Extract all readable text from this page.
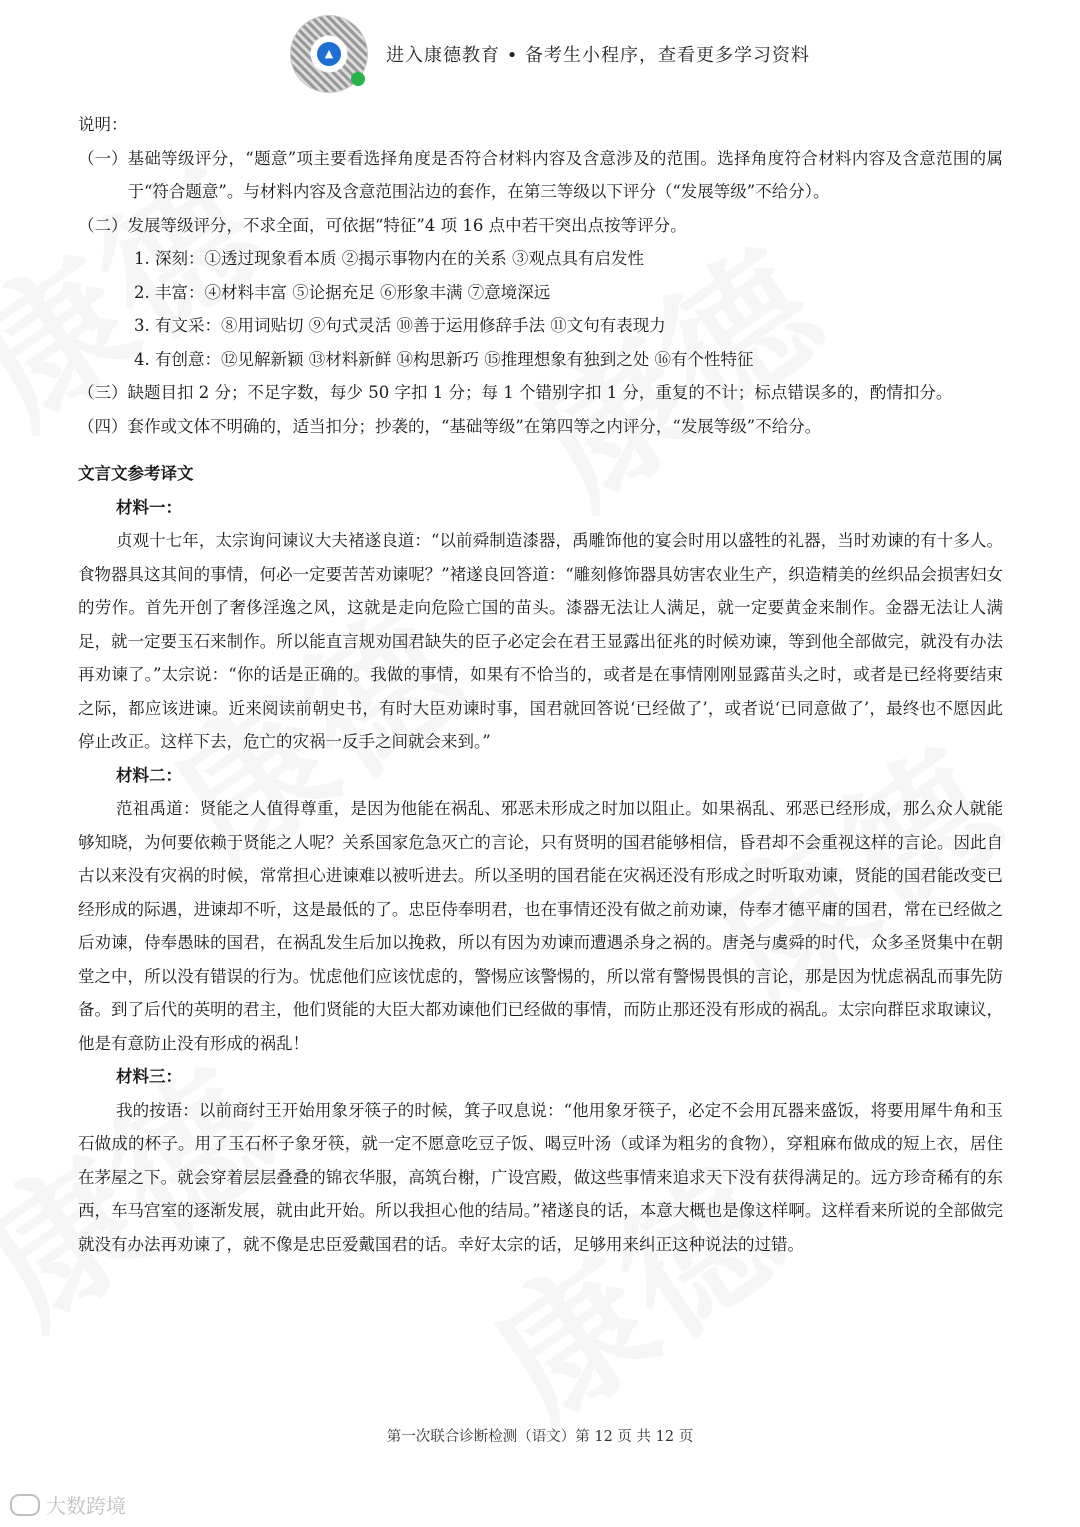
▲	进入康德教育 • 备考生小程序，查看更多学习资料

说明：

（一） 基础等级评分，“题意”项主要看选择角度是否符合材料内容及含意涉及的范围。选择角度符合材料内容及含意范围的属于“符合题意”。与材料内容及含意范围沾边的套作，在第三等级以下评分（“发展等级”不给分）。
（二） 发展等级评分，不求全面，可依据“特征”4 项 16 点中若干突出点按等评分。

1. 深刻：①透过现象看本质 ②揭示事物内在的关系 ③观点具有启发性

2. 丰富：④材料丰富 ⑤论据充足 ⑥形象丰满 ⑦意境深远

3. 有文采：⑧用词贴切 ⑨句式灵活 ⑩善于运用修辞手法 ⑪文句有表现力

4. 有创意：⑫见解新颖 ⑬材料新鲜 ⑭构思新巧 ⑮推理想象有独到之处 ⑯有个性特征

（三） 缺题目扣 2 分；不足字数，每少 50 字扣 1 分；每 1 个错别字扣 1 分，重复的不计；标点错误多的，酌情扣分。
（四） 套作或文体不明确的，适当扣分；抄袭的，“基础等级”在第四等之内评分，“发展等级”不给分。
文言文参考译文

材料一：

贞观十七年，太宗询问谏议大夫褚遂良道：“以前舜制造漆器，禹雕饰他的宴会时用以盛牲的礼器，当时劝谏的有十多人。食物器具这其间的事情，何必一定要苦苦劝谏呢？”褚遂良回答道：“雕刻修饰器具妨害农业生产，织造精美的丝织品会损害妇女的劳作。首先开创了奢侈淫逸之风，这就是走向危险亡国的苗头。漆器无法让人满足，就一定要黄金来制作。金器无法让人满足，就一定要玉石来制作。所以能直言规劝国君缺失的臣子必定会在君王显露出征兆的时候劝谏，等到他全部做完，就没有办法再劝谏了。”太宗说：“你的话是正确的。我做的事情，如果有不恰当的，或者是在事情刚刚显露苗头之时，或者是已经将要结束之际，都应该进谏。近来阅读前朝史书，有时大臣劝谏时事，国君就回答说‘已经做了’，或者说‘已同意做了’，最终也不愿因此停止改正。这样下去，危亡的灾祸一反手之间就会来到。”

材料二：

范祖禹道：贤能之人值得尊重，是因为他能在祸乱、邪恶未形成之时加以阻止。如果祸乱、邪恶已经形成，那么众人就能够知晓，为何要依赖于贤能之人呢？关系国家危急灭亡的言论，只有贤明的国君能够相信，昏君却不会重视这样的言论。因此自古以来没有灾祸的时候，常常担心进谏难以被听进去。所以圣明的国君能在灾祸还没有形成之时听取劝谏，贤能的国君能改变已经形成的际遇，进谏却不听，这是最低的了。忠臣侍奉明君，也在事情还没有做之前劝谏，侍奉才德平庸的国君，常在已经做之后劝谏，侍奉愚昧的国君，在祸乱发生后加以挽救，所以有因为劝谏而遭遇杀身之祸的。唐尧与虞舜的时代，众多圣贤集中在朝堂之中，所以没有错误的行为。忧虑他们应该忧虑的，警惕应该警惕的，所以常有警惕畏惧的言论，那是因为忧虑祸乱而事先防备。到了后代的英明的君主，他们贤能的大臣大都劝谏他们已经做的事情，而防止那还没有形成的祸乱。太宗向群臣求取谏议，他是有意防止没有形成的祸乱！

材料三：

我的按语：以前商纣王开始用象牙筷子的时候，箕子叹息说：“他用象牙筷子，必定不会用瓦器来盛饭，将要用犀牛角和玉石做成的杯子。用了玉石杯子象牙筷，就一定不愿意吃豆子饭、喝豆叶汤（或译为粗劣的食物），穿粗麻布做成的短上衣，居住在茅屋之下。就会穿着层层叠叠的锦衣华服，高筑台榭，广设宫殿，做这些事情来追求天下没有获得满足的。远方珍奇稀有的东西，车马宫室的逐渐发展，就由此开始。所以我担心他的结局。”褚遂良的话，本意大概也是像这样啊。这样看来所说的全部做完就没有办法再劝谏了，就不像是忠臣爱戴国君的话。幸好太宗的话，足够用来纠正这种说法的过错。

第一次联合诊断检测（语文）第 12 页 共 12 页
大数跨境
